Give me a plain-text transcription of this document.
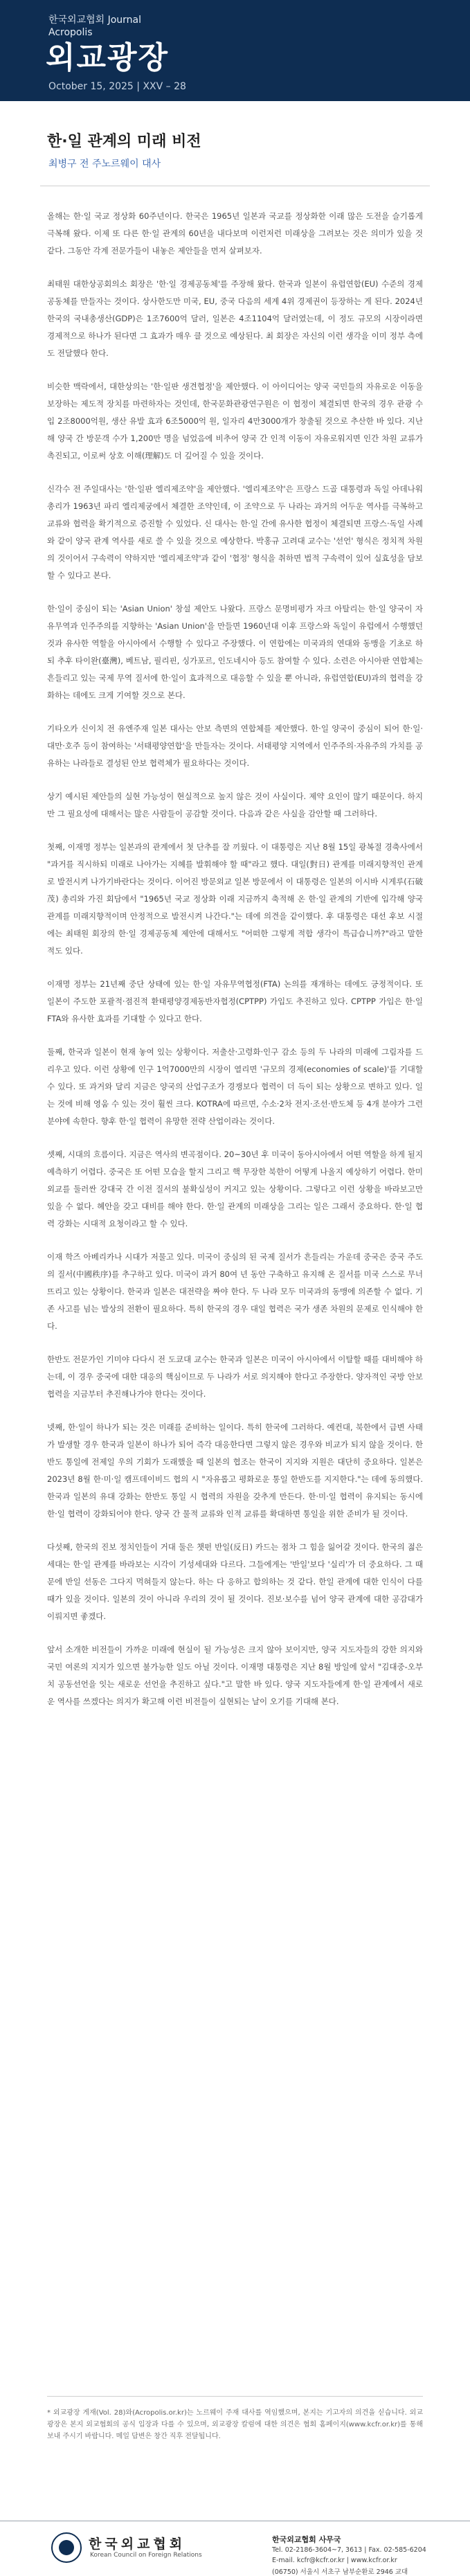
한국외교협회 Journal
Acropolis
외교광장
October 15, 2025 | XXV – 28
한·일 관계의 미래 비전
최병구 전 주노르웨이 대사

올해는 한·일 국교 정상화 60주년이다. 한국은 1965년 일본과 국교를 정상화한 이래 많은 도전을 슬기롭게 극복해 왔다. 이제 또 다른 한·일 관계의 60년을 내다보며 이런저런 미래상을 그려보는 것은 의미가 있을 것 같다. 그동안 각계 전문가들이 내놓은 제안들을 먼저 살펴보자.

최태원 대한상공회의소 회장은 '한·일 경제공동체'를 주장해 왔다. 한국과 일본이 유럽연합(EU) 수준의 경제공동체를 만들자는 것이다. 상사한도만 미국, EU, 중국 다음의 세계 4위 경제권이 등장하는 게 된다. 2024년 한국의 국내총생산(GDP)은 1조7600억 달러, 일본은 4조1104억 달러였는데, 이 정도 규모의 시장이라면 경제적으로 하나가 된다면 그 효과가 매우 클 것으로 예상된다. 최 회장은 자신의 이런 생각을 이미 정부 측에도 전달했다 한다.

비슷한 맥락에서, 대한상의는 '한·일판 생견협정'을 제안했다. 이 아이디어는 양국 국민들의 자유로운 이동을 보장하는 제도적 장치를 마련하자는 것인데, 한국문화관광연구원은 이 협정이 체결되면 한국의 경우 관광 수입 2조8000억원, 생산 유발 효과 6조5000억 원, 일자리 4만3000개가 창출될 것으로 추산한 바 있다. 지난해 양국 간 방문객 수가 1,200만 명을 넘었음에 비추어 양국 간 인적 이동이 자유로워지면 인간 차원 교류가 촉진되고, 이로써 상호 이해(理解)도 더 깊어질 수 있을 것이다.

신각수 전 주일대사는 '한·일판 엘리제조약'을 제안했다. '엘리제조약'은 프랑스 드골 대통령과 독일 아데나워 총리가 1963년 파리 엘리제궁에서 체결한 조약인데, 이 조약으로 두 나라는 과거의 어두운 역사를 극복하고 교류와 협력을 확기적으로 증진할 수 있었다. 신 대사는 한·일 간에 유사한 협정이 체결되면 프랑스·독일 사례와 같이 양국 관계 역사를 새로 쓸 수 있을 것으로 예상한다. 박홍규 고려대 교수는 '선언' 형식은 정치적 차원의 것이어서 구속력이 약하지만 '엘리제조약'과 같이 '협정' 형식을 취하면 법적 구속력이 있어 실효성을 담보할 수 있다고 본다.

한·일이 중심이 되는 'Asian Union' 창설 제안도 나왔다. 프랑스 문명비평가 자크 아탈리는 한·일 양국이 자유무역과 인주주의를 지향하는 'Asian Union'을 만들면 1960년대 이후 프랑스와 독일이 유럽에서 수행했던 것과 유사한 역할을 아시아에서 수행할 수 있다고 주장했다. 이 연합에는 미국과의 연대와 동맹을 기초로 하되 추후 타이완(臺灣), 베트남, 필리핀, 싱가포르, 인도네시아 등도 참여할 수 있다. 소련은 아시아판 연합체는 흔들리고 있는 국제 무역 질서에 한·일이 효과적으로 대응할 수 있을 뿐 아니라, 유럽연합(EU)과의 협력을 강화하는 데에도 크게 기여할 것으로 본다.

기타오카 신이치 전 유엔주재 일본 대사는 안보 측면의 연합체를 제안했다. 한·일 양국이 중심이 되어 한·일·대만·호주 등이 참여하는 '서태평양연합'을 만들자는 것이다. 서태평양 지역에서 인주주의·자유주의 가치를 공유하는 나라들로 결성된 안보 협력체가 필요하다는 것이다.

상기 예시된 제안들의 실현 가능성이 현실적으로 높지 않은 것이 사실이다. 제약 요인이 많기 때문이다. 하지만 그 필요성에 대해서는 많은 사람들이 공감할 것이다. 다음과 같은 사실을 감안할 때 그러하다.

첫째, 이재명 정부는 일본과의 관계에서 첫 단추를 잘 끼웠다. 이 대통령은 지난 8월 15일 광복절 경축사에서 "과거를 직시하되 미래로 나아가는 지혜를 발휘해야 할 때"라고 했다. 대일(對日) 관계를 미래지향적인 관계로 발전시켜 나가기바란다는 것이다. 이어진 방문외교 일본 방문에서 이 대통령은 일본의 이시바 시게루(石破茂) 총리와 가진 회담에서 "1965년 국교 정상화 이래 지금까지 축적해 온 한·일 관계의 기반에 입각해 양국 관계를 미래지향적이며 안정적으로 발전시켜 나간다."는 데에 의견을 같이했다. 후 대통령은 대선 후보 시절에는 최태원 회장의 한·일 경제공동체 제안에 대해서도 "어떠한 그렇게 적합 생각이 특급습니까?"라고 말한 적도 있다.

이재명 정부는 21년째 중단 상태에 있는 한·일 자유무역협정(FTA) 논의를 재개하는 데에도 긍정적이다. 또 일본이 주도한 포괄적·점진적 환태평양경제동반자협정(CPTPP) 가입도 추진하고 있다. CPTPP 가입은 한·일 FTA와 유사한 효과를 기대할 수 있다고 한다.

둘째, 한국과 일본이 현재 놓여 있는 상황이다. 저출산·고령화·인구 감소 등의 두 나라의 미래에 그림자를 드리우고 있다. 이런 상황에 인구 1억7000만의 시장이 열리면 '규모의 경제(economies of scale)'를 기대할 수 있다. 또 과거와 달리 지금은 양국의 산업구조가 경쟁보다 협력이 더 득이 되는 상황으로 변하고 있다. 일는 것에 비해 영움 수 있는 것이 훨씬 크다. KOTRA에 따르면, 수소·2차 전지·조선·반도체 등 4개 분야가 그런 분야에 속한다. 향후 한·일 협력이 유망한 전략 산업이라는 것이다.

셋째, 시대의 흐름이다. 지금은 역사의 변곡점이다. 20~30년 후 미국이 동아시아에서 어떤 역할을 하게 될지 예측하기 어렵다. 중국은 또 어떤 모습을 할지 그리고 핵 무장한 북한이 어떻게 나올지 예상하기 어렵다. 한미 외교를 둘러싼 강대국 간 이전 질서의 불확실성이 커지고 있는 상황이다. 그렇다고 이런 상황을 바라보고만 있을 수 없다. 혜안을 갖고 대비를 해야 한다. 한·일 관계의 미래상을 그리는 일은 그래서 중요하다. 한·일 협력 강화는 시대적 요청이라고 할 수 있다.

이재 학즈 아베리카나 시대가 저물고 있다. 미국이 중심의 된 국제 질서가 흔들리는 가운데 중국은 중국 주도의 질서(中國秩序)를 추구하고 있다. 미국이 과거 80여 년 동안 구축하고 유지해 온 질서를 미국 스스로 무너뜨리고 있는 상황이다. 한국과 일본은 대전략을 짜야 한다. 두 나라 모두 미국과의 동맹에 의존할 수 없다. 기존 사고를 넘는 발상의 전환이 필요하다. 특히 한국의 경우 대일 협력은 국가 생존 차원의 문제로 인식해야 한다.

한반도 전문가인 기미야 다다시 전 도쿄대 교수는 한국과 일본은 미국이 아시아에서 이탈할 때를 대비해야 하는데, 이 경우 중국에 대한 대응의 핵심이므로 두 나라가 서로 의지해야 한다고 주장한다. 양자적인 국방 안보 협력을 지금부터 추진해나가야 한다는 것이다.

넷째, 한·일이 하나가 되는 것은 미래를 준비하는 일이다. 특히 한국에 그러하다. 예컨대, 북한에서 급변 사태가 발생할 경우 한국과 일본이 하나가 되어 즉각 대응한다면 그렇지 않은 경우와 비교가 되지 않을 것이다. 한반도 통일에 전제일 우의 기회가 도래했을 때 일본의 협조는 한국이 지지와 지원은 대단히 중요하다. 일본은 2023년 8월 한·미·일 캠프데이비드 협의 시 "자유롭고 평화로운 통일 한반도를 지지한다."는 데에 동의했다. 한국과 일본의 유대 강화는 한반도 통일 시 협력의 자원을 갖추게 만든다. 한·미·일 협력이 유지되는 동시에 한·일 협력이 강화되어야 한다. 양국 간 물적 교류와 인적 교류를 확대하면 통일을 위한 준비가 될 것이다.

다섯째, 한국의 진보 정치인들이 거대 둘은 챗펀 반일(反日) 카드는 점차 그 힘을 잃어갈 것이다. 한국의 젊은 세대는 한·일 관계를 바라보는 시각이 기성세대와 다르다. 그들에게는 '반일'보다 '실리'가 더 중요하다. 그 때문에 반일 선동은 그다지 먹혀들지 않는다. 하는 다 응하고 합의하는 것 같다. 한일 관계에 대한 인식이 다를 때가 있을 것이다. 일본의 것이 아니라 우리의 것이 될 것이다. 진보·보수를 넘어 양국 관계에 대한 공감대가 이뤄지면 좋겠다.

앞서 소개한 비전들이 가까운 미래에 현실이 될 가능성은 크지 않아 보이지만, 양국 지도자들의 강한 의지와 국민 여론의 지지가 있으면 불가능한 일도 아닐 것이다. 이재명 대통령은 지난 8월 방일에 앞서 "김대중-오부치 공동선언을 잇는 새로운 선언을 추진하고 싶다."고 말한 바 있다. 양국 지도자들에게 한·일 관계에서 새로운 역사를 쓰겠다는 의지가 확고해 이런 비전들이 실현되는 날이 오기를 기대해 본다.

* 외교광장 게재(Vol. 28)와(Acropolis.or.kr)는 노르웨이 주재 대사를 역임했으며, 본지는 기고자의 의견을 싣습니다. 외교광장은 본지 외교협회의 공식 입장과 다를 수 있으며, 외교광장 칼럼에 대한 의견은 협회 홈페이지(www.kcfr.or.kr)를 통해 보내 주시기 바랍니다. 메일 답변은 창간 직후 전달됩니다.
한국외교협회
Korean Council on Foreign Relations
한국외교협회 사무국
Tel. 02-2186-3604~7, 3613 | Fax. 02-585-6204
E-mail. kcfr@kcfr.or.kr | www.kcfr.or.kr
(06750) 서울시 서초구 남부순환로 2946 교대
